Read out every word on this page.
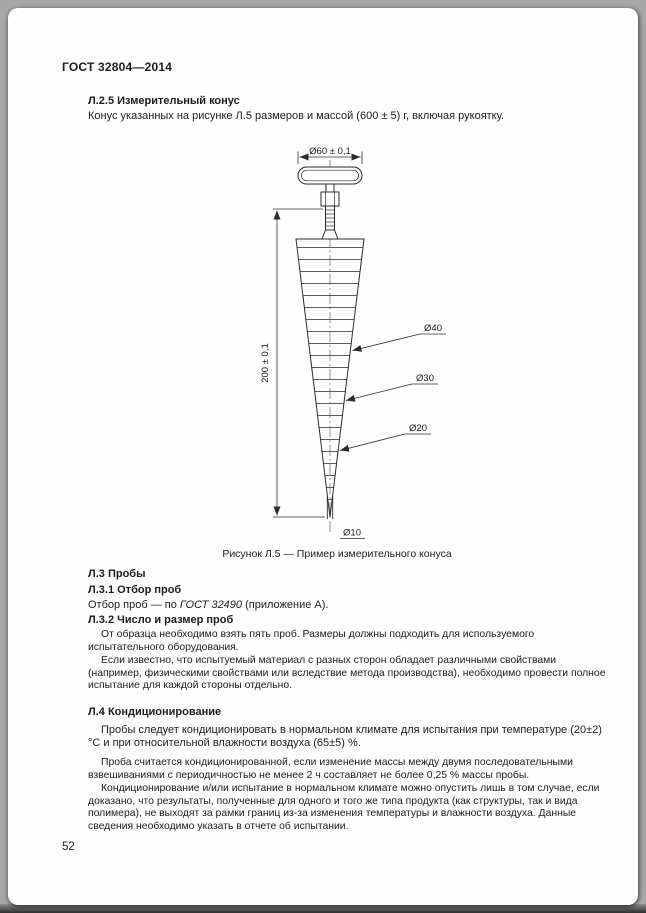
ГОСТ 32804—2014
Л.2.5 Измерительный конус

Конус указанных на рисунке Л.5 размеров и массой (600 ± 5) г, включая рукоятку.

Ø60 ± 0,1
200 ± 0,1
Ø40
Ø30
Ø20
Ø10
Рисунок Л.5 — Пример измерительного конуса
Л.3 Пробы
Л.3.1 Отбор проб

Отбор проб — по ГОСТ 32490 (приложение А).

Л.3.2 Число и размер проб

От образца необходимо взять пять проб. Размеры должны подходить для используемого испытательного оборудования.

Если известно, что испытуемый материал с разных сторон обладает различными свойствами (например, физическими свойствами или вследствие метода производства), необходимо провести полное испытание для каждой стороны отдельно.

Л.4 Кондиционирование

Пробы следует кондиционировать в нормальном климате для испытания при температуре (20±2) °С и при относительной влажности воздуха (65±5) %.

Проба считается кондиционированной, если изменение массы между двумя последовательными взвешиваниями с периодичностью не менее 2 ч составляет не более 0,25 % массы пробы.

Кондиционирование и/или испытание в нормальном климате можно опустить лишь в том случае, если доказано, что результаты, полученные для одного и того же типа продукта (как структуры, так и вида полимера), не выходят за рамки границ из-за изменения температуры и влажности воздуха. Данные сведения необходимо указать в отчете об испытании.

52
